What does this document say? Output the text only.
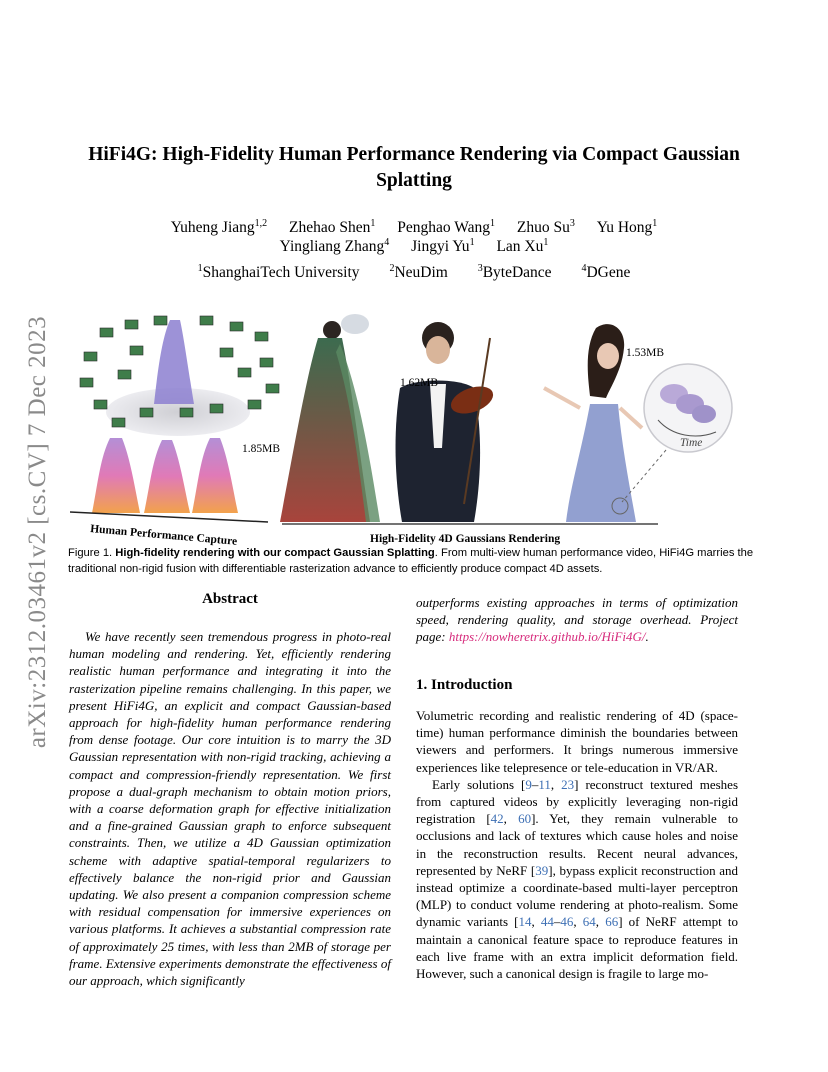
arXiv:2312.03461v2 [cs.CV] 7 Dec 2023
HiFi4G: High-Fidelity Human Performance Rendering via Compact Gaussian Splatting
Yuheng Jiang$^{1,2}$ Zhehao Shen$^1$ Penghao Wang$^1$ Zhuo Su$^3$ Yu Hong$^1$
Yingliang Zhang$^4$ Jingyi Yu$^1$ Lan Xu$^1$
$^1$ShanghaiTech University	$^2$NeuDim	$^3$ByteDance	$^4$DGene
Human Performance Capture
1.85MB
1.62MB
1.53MB
Time
High-Fidelity 4D Gaussians Rendering
Figure 1. High-fidelity rendering with our compact Gaussian Splatting. From multi-view human performance video, HiFi4G marries the traditional non-rigid fusion with differentiable rasterization advance to efficiently produce compact 4D assets.
Abstract

We have recently seen tremendous progress in photo-real human modeling and rendering. Yet, efficiently rendering realistic human performance and integrating it into the rasterization pipeline remains challenging. In this paper, we present HiFi4G, an explicit and compact Gaussian-based approach for high-fidelity human performance rendering from dense footage. Our core intuition is to marry the 3D Gaussian representation with non-rigid tracking, achieving a compact and compression-friendly representation. We first propose a dual-graph mechanism to obtain motion priors, with a coarse deformation graph for effective initialization and a fine-grained Gaussian graph to enforce subsequent constraints. Then, we utilize a 4D Gaussian optimization scheme with adaptive spatial-temporal regularizers to effectively balance the non-rigid prior and Gaussian updating. We also present a companion compression scheme with residual compensation for immersive experiences on various platforms. It achieves a substantial compression rate of approximately 25 times, with less than 2MB of storage per frame. Extensive experiments demonstrate the effectiveness of our approach, which significantly

outperforms existing approaches in terms of optimization speed, rendering quality, and storage overhead. Project page: https://nowheretrix.github.io/HiFi4G/.
1. Introduction

Volumetric recording and realistic rendering of 4D (space-time) human performance diminish the boundaries between viewers and performers. It brings numerous immersive experiences like telepresence or tele-education in VR/AR.

Early solutions [9–11, 23] reconstruct textured meshes from captured videos by explicitly leveraging non-rigid registration [42, 60]. Yet, they remain vulnerable to occlusions and lack of textures which cause holes and noise in the reconstruction results. Recent neural advances, represented by NeRF [39], bypass explicit reconstruction and instead optimize a coordinate-based multi-layer perceptron (MLP) to conduct volume rendering at photo-realism. Some dynamic variants [14, 44–46, 64, 66] of NeRF attempt to maintain a canonical feature space to reproduce features in each live frame with an extra implicit deformation field. However, such a canonical design is fragile to large mo-
